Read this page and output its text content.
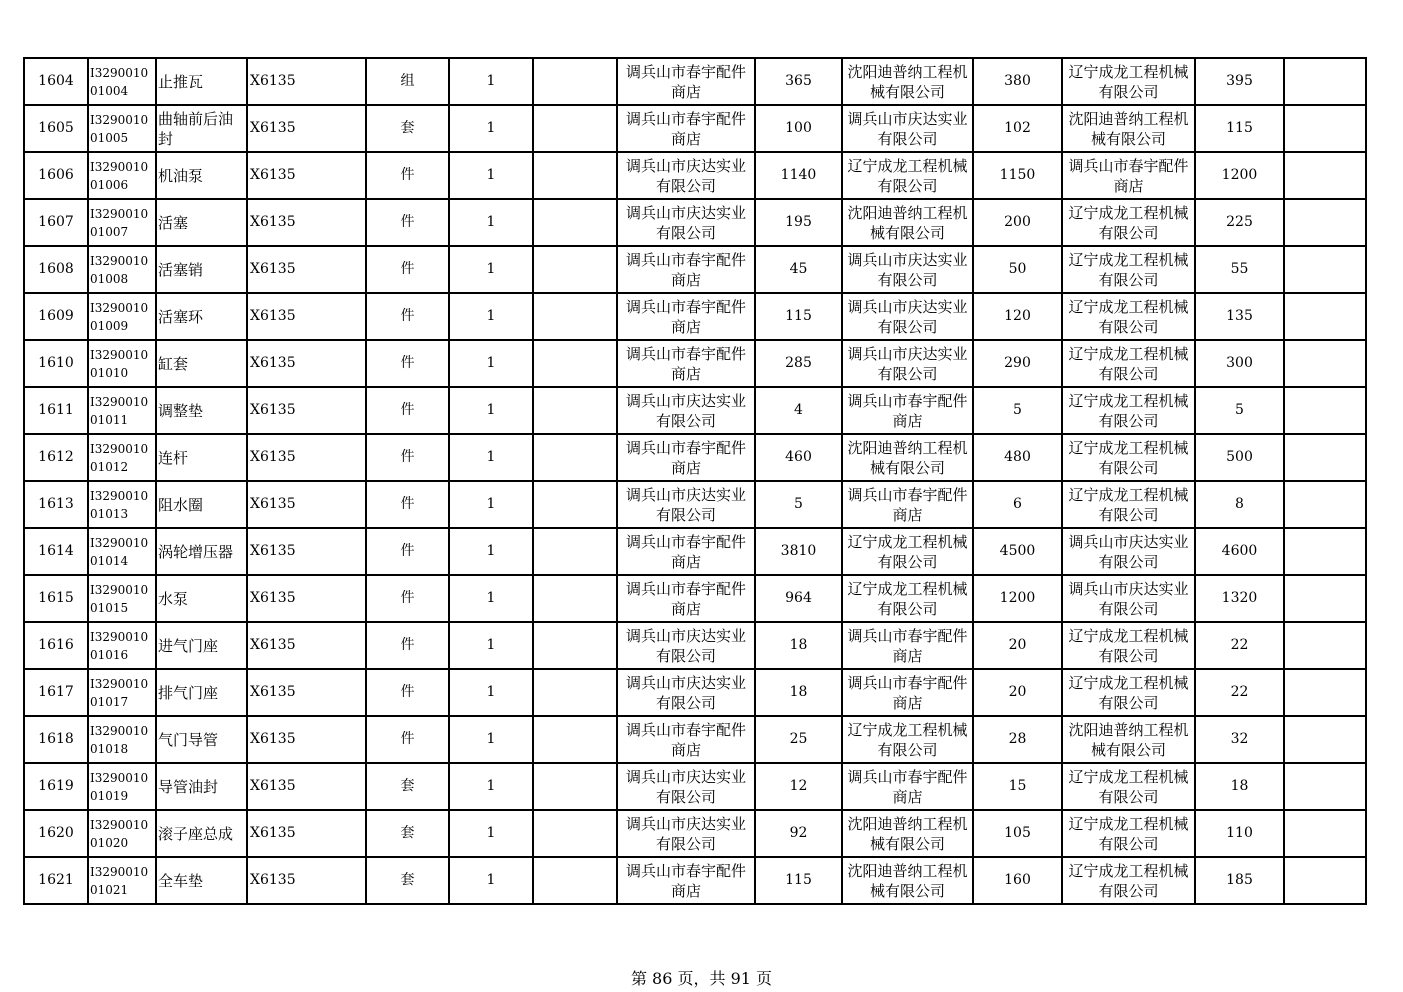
1604	I329001001004	止推瓦	X6135	组	1		调兵山市春宇配件商店	365	沈阳迪普纳工程机械有限公司	380	辽宁成龙工程机械有限公司	395	
1605	I329001001005	曲轴前后油封	X6135	套	1		调兵山市春宇配件商店	100	调兵山市庆达实业有限公司	102	沈阳迪普纳工程机械有限公司	115	
1606	I329001001006	机油泵	X6135	件	1		调兵山市庆达实业有限公司	1140	辽宁成龙工程机械有限公司	1150	调兵山市春宇配件商店	1200	
1607	I329001001007	活塞	X6135	件	1		调兵山市庆达实业有限公司	195	沈阳迪普纳工程机械有限公司	200	辽宁成龙工程机械有限公司	225	
1608	I329001001008	活塞销	X6135	件	1		调兵山市春宇配件商店	45	调兵山市庆达实业有限公司	50	辽宁成龙工程机械有限公司	55	
1609	I329001001009	活塞环	X6135	件	1		调兵山市春宇配件商店	115	调兵山市庆达实业有限公司	120	辽宁成龙工程机械有限公司	135	
1610	I329001001010	缸套	X6135	件	1		调兵山市春宇配件商店	285	调兵山市庆达实业有限公司	290	辽宁成龙工程机械有限公司	300	
1611	I329001001011	调整垫	X6135	件	1		调兵山市庆达实业有限公司	4	调兵山市春宇配件商店	5	辽宁成龙工程机械有限公司	5	
1612	I329001001012	连杆	X6135	件	1		调兵山市春宇配件商店	460	沈阳迪普纳工程机械有限公司	480	辽宁成龙工程机械有限公司	500	
1613	I329001001013	阻水圈	X6135	件	1		调兵山市庆达实业有限公司	5	调兵山市春宇配件商店	6	辽宁成龙工程机械有限公司	8	
1614	I329001001014	涡轮增压器	X6135	件	1		调兵山市春宇配件商店	3810	辽宁成龙工程机械有限公司	4500	调兵山市庆达实业有限公司	4600	
1615	I329001001015	水泵	X6135	件	1		调兵山市春宇配件商店	964	辽宁成龙工程机械有限公司	1200	调兵山市庆达实业有限公司	1320	
1616	I329001001016	进气门座	X6135	件	1		调兵山市庆达实业有限公司	18	调兵山市春宇配件商店	20	辽宁成龙工程机械有限公司	22	
1617	I329001001017	排气门座	X6135	件	1		调兵山市庆达实业有限公司	18	调兵山市春宇配件商店	20	辽宁成龙工程机械有限公司	22	
1618	I329001001018	气门导管	X6135	件	1		调兵山市春宇配件商店	25	辽宁成龙工程机械有限公司	28	沈阳迪普纳工程机械有限公司	32	
1619	I329001001019	导管油封	X6135	套	1		调兵山市庆达实业有限公司	12	调兵山市春宇配件商店	15	辽宁成龙工程机械有限公司	18	
1620	I329001001020	滚子座总成	X6135	套	1		调兵山市庆达实业有限公司	92	沈阳迪普纳工程机械有限公司	105	辽宁成龙工程机械有限公司	110	
1621	I329001001021	全车垫	X6135	套	1		调兵山市春宇配件商店	115	沈阳迪普纳工程机械有限公司	160	辽宁成龙工程机械有限公司	185	
第 86 页，共 91 页
